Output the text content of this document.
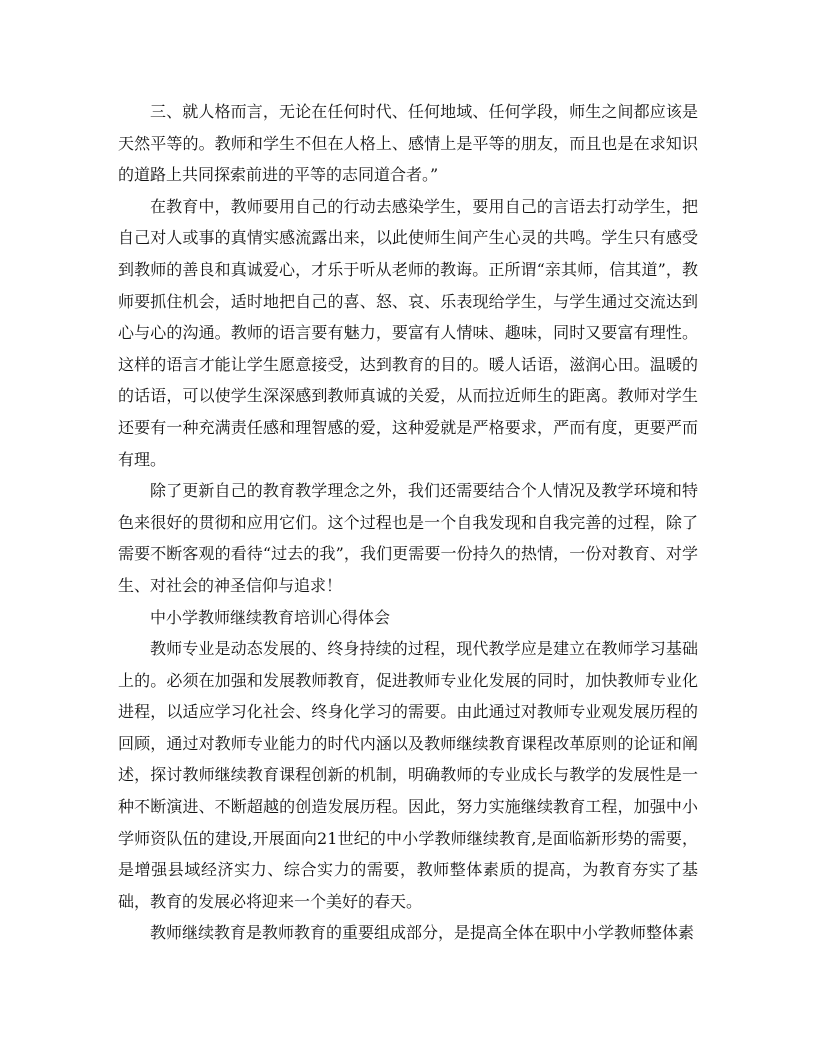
三、就人格而言，无论在任何时代、任何地域、任何学段，师生之间都应该是天然平等的。教师和学生不但在人格上、感情上是平等的朋友，而且也是在求知识的道路上共同探索前进的平等的志同道合者。”

在教育中，教师要用自己的行动去感染学生，要用自己的言语去打动学生，把自己对人或事的真情实感流露出来，以此使师生间产生心灵的共鸣。学生只有感受到教师的善良和真诚爱心，才乐于听从老师的教诲。正所谓“亲其师，信其道”，教师要抓住机会，适时地把自己的喜、怒、哀、乐表现给学生，与学生通过交流达到心与心的沟通。教师的语言要有魅力，要富有人情味、趣味，同时又要富有理性。这样的语言才能让学生愿意接受，达到教育的目的。暖人话语，滋润心田。温暖的的话语，可以使学生深深感到教师真诚的关爱，从而拉近师生的距离。教师对学生还要有一种充满责任感和理智感的爱，这种爱就是严格要求，严而有度，更要严而有理。

除了更新自己的教育教学理念之外，我们还需要结合个人情况及教学环境和特色来很好的贯彻和应用它们。这个过程也是一个自我发现和自我完善的过程，除了需要不断客观的看待“过去的我”，我们更需要一份持久的热情，一份对教育、对学生、对社会的神圣信仰与追求！

中小学教师继续教育培训心得体会

教师专业是动态发展的、终身持续的过程，现代教学应是建立在教师学习基础上的。必须在加强和发展教师教育，促进教师专业化发展的同时，加快教师专业化进程，以适应学习化社会、终身化学习的需要。由此通过对教师专业观发展历程的回顾，通过对教师专业能力的时代内涵以及教师继续教育课程改革原则的论证和阐述，探讨教师继续教育课程创新的机制，明确教师的专业成长与教学的发展性是一种不断演进、不断超越的创造发展历程。因此，努力实施继续教育工程，加强中小学师资队伍的建设,开展面向21世纪的中小学教师继续教育,是面临新形势的需要，是增强县域经济实力、综合实力的需要，教师整体素质的提高，为教育夯实了基础，教育的发展必将迎来一个美好的春天。

教师继续教育是教师教育的重要组成部分，是提高全体在职中小学教师整体素
